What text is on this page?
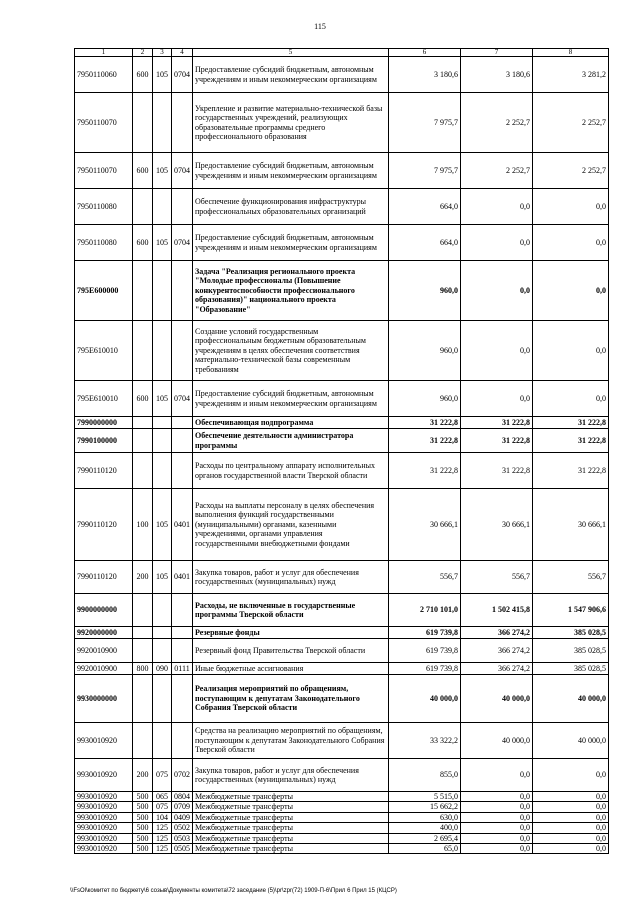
115
1	2	3	4	5	6	7	8
7950110060	600	105	0704	Предоставление субсидий бюджетным, автономным учреждениям и иным некоммерческим организациям	3 180,6	3 180,6	3 281,2
7950110070				Укрепление и развитие материально-технической базы государственных учреждений, реализующих образовательные программы среднего профессионального образования	7 975,7	2 252,7	2 252,7
7950110070	600	105	0704	Предоставление субсидий бюджетным, автономным учреждениям и иным некоммерческим организациям	7 975,7	2 252,7	2 252,7
7950110080				Обеспечение функционирования инфраструктуры профессиональных образовательных организаций	664,0	0,0	0,0
7950110080	600	105	0704	Предоставление субсидий бюджетным, автономным учреждениям и иным некоммерческим организациям	664,0	0,0	0,0
795E600000				Задача "Реализация регионального проекта "Молодые профессионалы (Повышение конкурентоспособности профессионального образования)" национального проекта "Образование"	960,0	0,0	0,0
795E610010				Создание условий государственным профессиональным бюджетным образовательным учреждениям в целях обеспечения соответствия материально-технической базы современным требованиям	960,0	0,0	0,0
795E610010	600	105	0704	Предоставление субсидий бюджетным, автономным учреждениям и иным некоммерческим организациям	960,0	0,0	0,0
7990000000				Обеспечивающая подпрограмма	31 222,8	31 222,8	31 222,8
7990100000				Обеспечение деятельности администратора программы	31 222,8	31 222,8	31 222,8
7990110120				Расходы по центральному аппарату исполнительных органов государственной власти Тверской области	31 222,8	31 222,8	31 222,8
7990110120	100	105	0401	Расходы на выплаты персоналу в целях обеспечения выполнения функций государственными (муниципальными) органами, казенными учреждениями, органами управления государственными внебюджетными фондами	30 666,1	30 666,1	30 666,1
7990110120	200	105	0401	Закупка товаров, работ и услуг для обеспечения государственных (муниципальных) нужд	556,7	556,7	556,7
9900000000				Расходы, не включенные в государственные программы Тверской области	2 710 101,0	1 502 415,8	1 547 906,6
9920000000				Резервные фонды	619 739,8	366 274,2	385 028,5
9920010900				Резервный фонд Правительства Тверской области	619 739,8	366 274,2	385 028,5
9920010900	800	090	0111	Иные бюджетные ассигнования	619 739,8	366 274,2	385 028,5
9930000000				Реализация мероприятий по обращениям, поступающим к депутатам Законодательного Собрания Тверской области	40 000,0	40 000,0	40 000,0
9930010920				Средства на реализацию мероприятий по обращениям, поступающим к депутатам Законодательного Собрания Тверской области	33 322,2	40 000,0	40 000,0
9930010920	200	075	0702	Закупка товаров, работ и услуг для обеспечения государственных (муниципальных) нужд	855,0	0,0	0,0
9930010920	500	065	0804	Межбюджетные трансферты	5 515,0	0,0	0,0
9930010920	500	075	0709	Межбюджетные трансферты	15 662,2	0,0	0,0
9930010920	500	104	0409	Межбюджетные трансферты	630,0	0,0	0,0
9930010920	500	125	0502	Межбюджетные трансферты	400,0	0,0	0,0
9930010920	500	125	0503	Межбюджетные трансферты	2 695,4	0,0	0,0
9930010920	500	125	0505	Межбюджетные трансферты	65,0	0,0	0,0
\\FsOl\комитет по бюджету\6 созыв\Документы комитета\72 заседание (5)\pr\zpr(72) 1909-П-6\Прил 6 Прил 15 (КЦСР)
